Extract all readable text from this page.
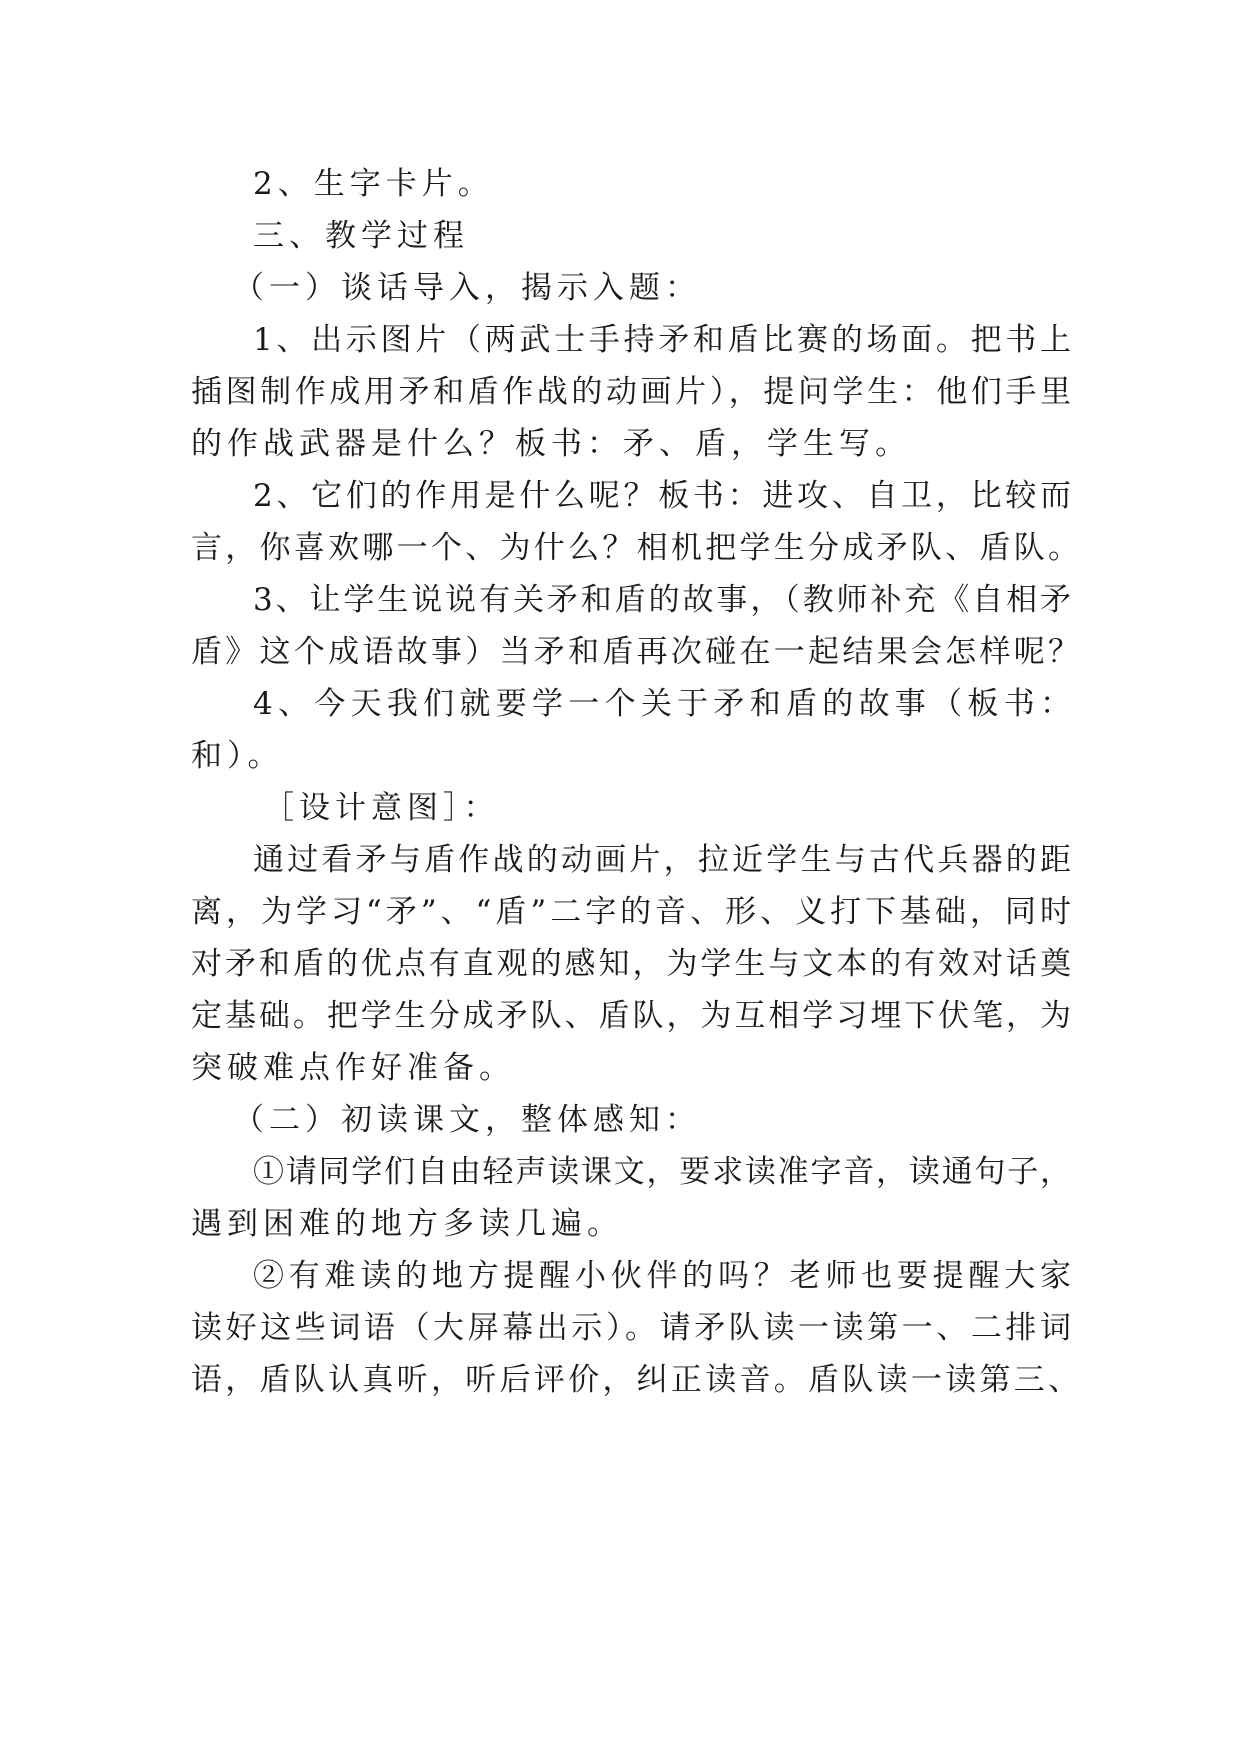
2、生字卡片。
三、教学过程
（一）谈话导入，揭示入题：
1、出示图片（两武士手持矛和盾比赛的场面。把书上
插图制作成用矛和盾作战的动画片），提问学生：他们手里
的作战武器是什么？板书：矛、盾，学生写。
2、它们的作用是什么呢？板书：进攻、自卫，比较而
言，你喜欢哪一个、为什么？相机把学生分成矛队、盾队。
3、让学生说说有关矛和盾的故事，（教师补充《自相矛
盾》这个成语故事）当矛和盾再次碰在一起结果会怎样呢？
4、今天我们就要学一个关于矛和盾的故事（板书：
和）。
［设计意图］：
通过看矛与盾作战的动画片，拉近学生与古代兵器的距
离，为学习“矛”、“盾”二字的音、形、义打下基础，同时
对矛和盾的优点有直观的感知，为学生与文本的有效对话奠
定基础。把学生分成矛队、盾队，为互相学习埋下伏笔，为
突破难点作好准备。
（二）初读课文，整体感知：
①请同学们自由轻声读课文，要求读准字音，读通句子，
遇到困难的地方多读几遍。
②有难读的地方提醒小伙伴的吗？老师也要提醒大家
读好这些词语（大屏幕出示）。请矛队读一读第一、二排词
语，盾队认真听，听后评价，纠正读音。盾队读一读第三、
